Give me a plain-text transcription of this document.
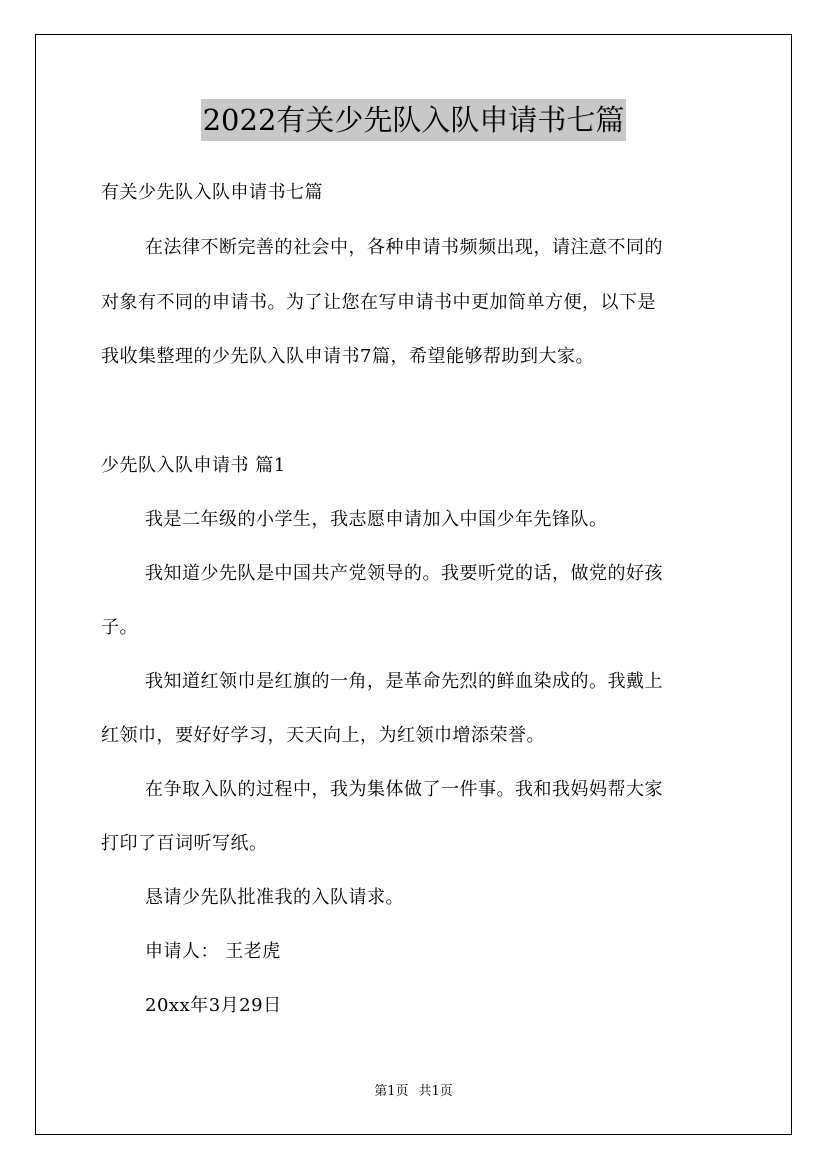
2022有关少先队入队申请书七篇
有关少先队入队申请书七篇
在法律不断完善的社会中，各种申请书频频出现，请注意不同的
对象有不同的申请书。为了让您在写申请书中更加简单方便，以下是
我收集整理的少先队入队申请书7篇，希望能够帮助到大家。
少先队入队申请书 篇1
我是二年级的小学生，我志愿申请加入中国少年先锋队。
我知道少先队是中国共产党领导的。我要听党的话，做党的好孩
子。
我知道红领巾是红旗的一角，是革命先烈的鲜血染成的。我戴上
红领巾，要好好学习，天天向上，为红领巾增添荣誉。
在争取入队的过程中，我为集体做了一件事。我和我妈妈帮大家
打印了百词听写纸。
恳请少先队批准我的入队请求。
申请人： 王老虎
20xx年3月29日
第1页 共1页
